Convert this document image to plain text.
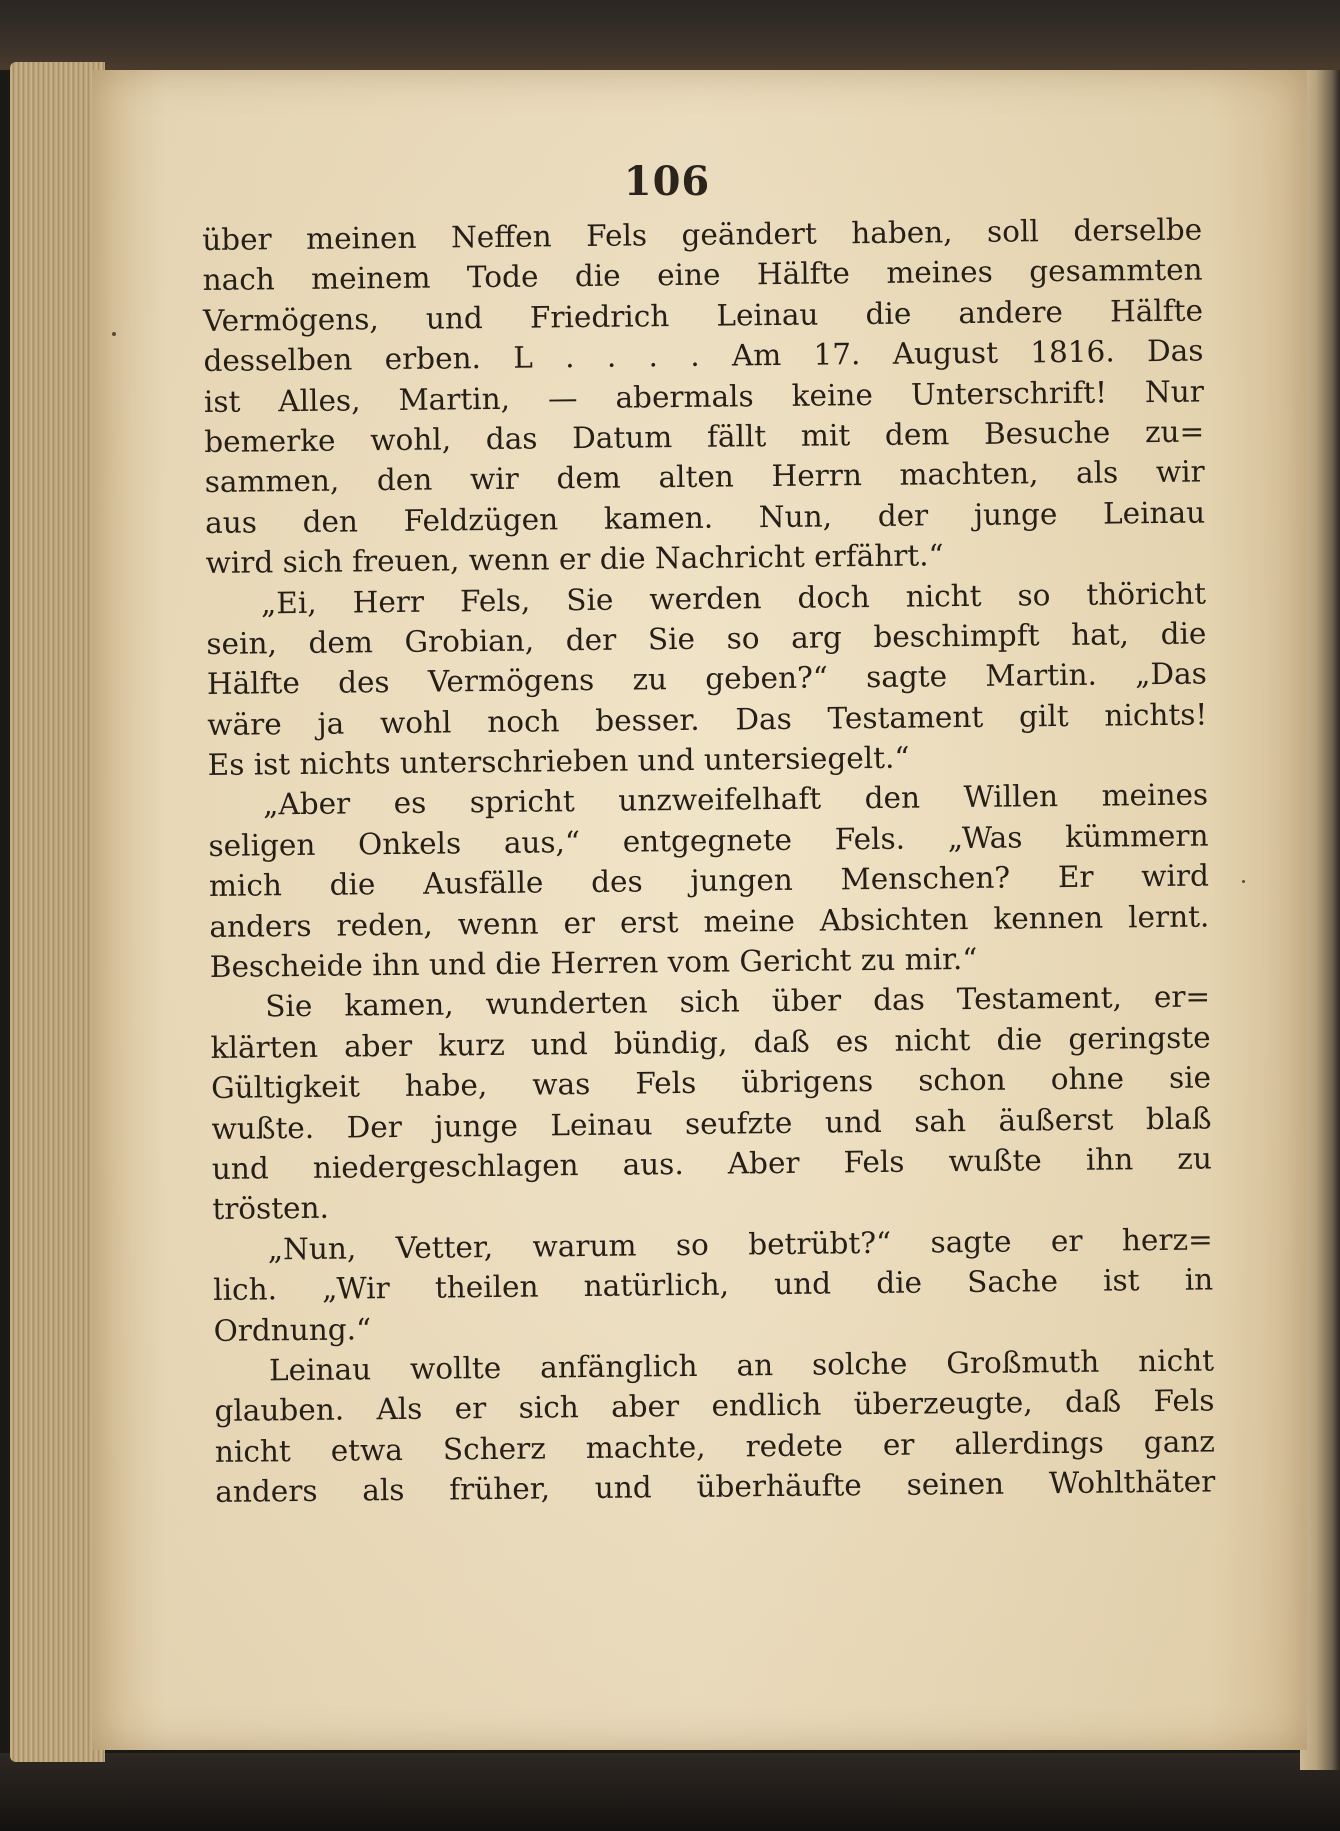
106
über meinen Neffen Fels geändert haben, soll derselbe
nach meinem Tode die eine Hälfte meines gesammten
Vermögens, und Friedrich Leinau die andere Hälfte
desselben erben. L . . . . Am 17. August 1816. Das
ist Alles, Martin, — abermals keine Unterschrift! Nur
bemerke wohl, das Datum fällt mit dem Besuche zu=
sammen, den wir dem alten Herrn machten, als wir
aus den Feldzügen kamen. Nun, der junge Leinau
wird sich freuen, wenn er die Nachricht erfährt.“
„Ei, Herr Fels, Sie werden doch nicht so thöricht
sein, dem Grobian, der Sie so arg beschimpft hat, die
Hälfte des Vermögens zu geben?“ sagte Martin. „Das
wäre ja wohl noch besser. Das Testament gilt nichts!
Es ist nichts unterschrieben und untersiegelt.“
„Aber es spricht unzweifelhaft den Willen meines
seligen Onkels aus,“ entgegnete Fels. „Was kümmern
mich die Ausfälle des jungen Menschen? Er wird
anders reden, wenn er erst meine Absichten kennen lernt.
Bescheide ihn und die Herren vom Gericht zu mir.“
Sie kamen, wunderten sich über das Testament, er=
klärten aber kurz und bündig, daß es nicht die geringste
Gültigkeit habe, was Fels übrigens schon ohne sie
wußte. Der junge Leinau seufzte und sah äußerst blaß
und niedergeschlagen aus. Aber Fels wußte ihn zu
trösten.
„Nun, Vetter, warum so betrübt?“ sagte er herz=
lich. „Wir theilen natürlich, und die Sache ist in
Ordnung.“
Leinau wollte anfänglich an solche Großmuth nicht
glauben. Als er sich aber endlich überzeugte, daß Fels
nicht etwa Scherz machte, redete er allerdings ganz
anders als früher, und überhäufte seinen Wohlthäter
